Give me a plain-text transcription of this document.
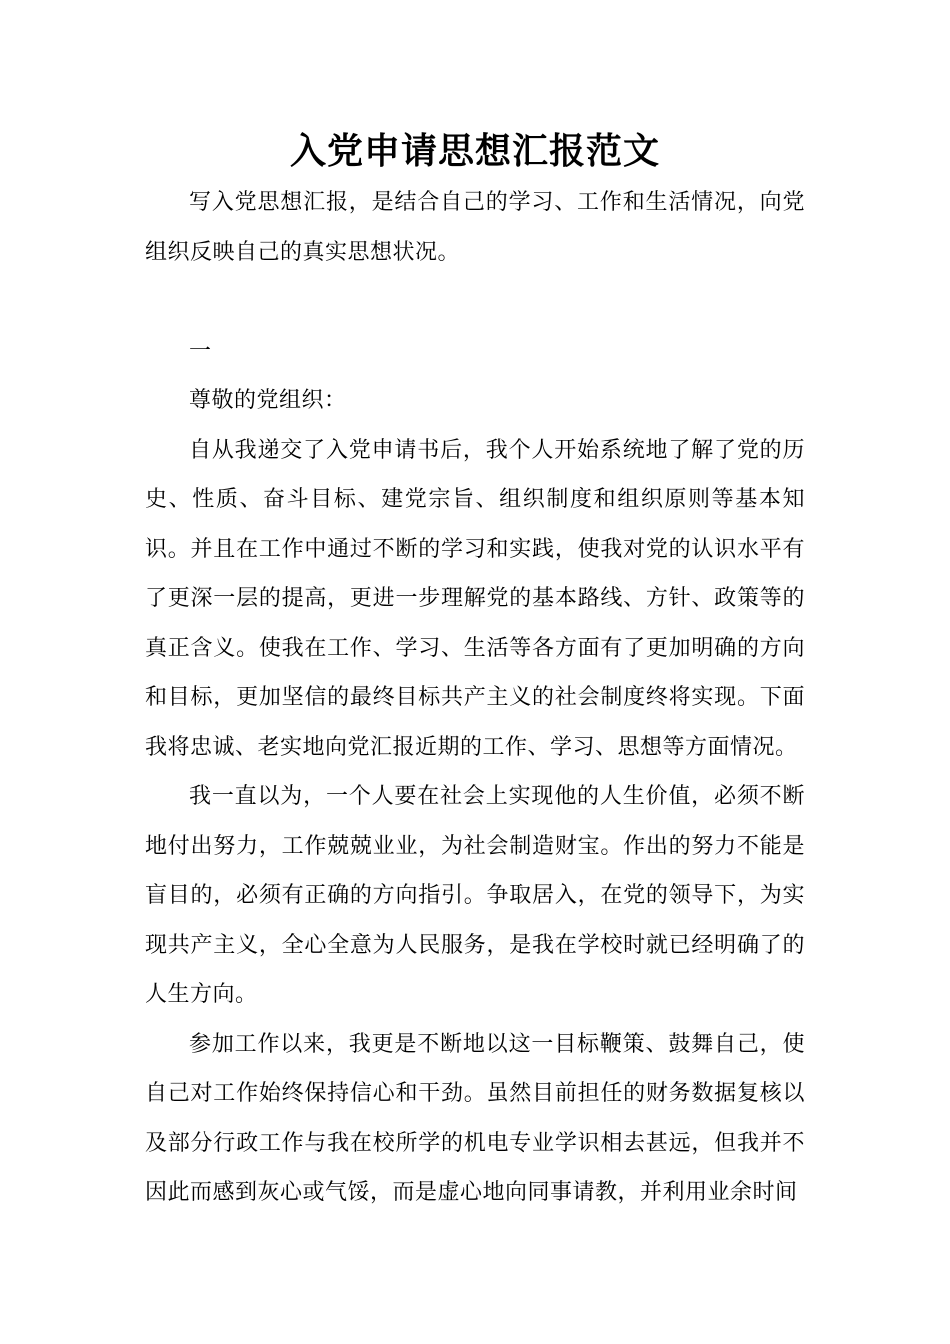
入党申请思想汇报范文

写入党思想汇报，是结合自己的学习、工作和生活情况，向党组织反映自己的真实思想状况。

一

尊敬的党组织：

自从我递交了入党申请书后，我个人开始系统地了解了党的历史、性质、奋斗目标、建党宗旨、组织制度和组织原则等基本知识。并且在工作中通过不断的学习和实践，使我对党的认识水平有了更深一层的提高，更进一步理解党的基本路线、方针、政策等的真正含义。使我在工作、学习、生活等各方面有了更加明确的方向和目标，更加坚信的最终目标共产主义的社会制度终将实现。下面我将忠诚、老实地向党汇报近期的工作、学习、思想等方面情况。

我一直以为，一个人要在社会上实现他的人生价值，必须不断地付出努力，工作兢兢业业，为社会制造财宝。作出的努力不能是盲目的，必须有正确的方向指引。争取居入，在党的领导下，为实现共产主义，全心全意为人民服务，是我在学校时就已经明确了的人生方向。

参加工作以来，我更是不断地以这一目标鞭策、鼓舞自己，使自己对工作始终保持信心和干劲。虽然目前担任的财务数据复核以及部分行政工作与我在校所学的机电专业学识相去甚远，但我并不因此而感到灰心或气馁，而是虚心地向同事请教，并利用业余时间
